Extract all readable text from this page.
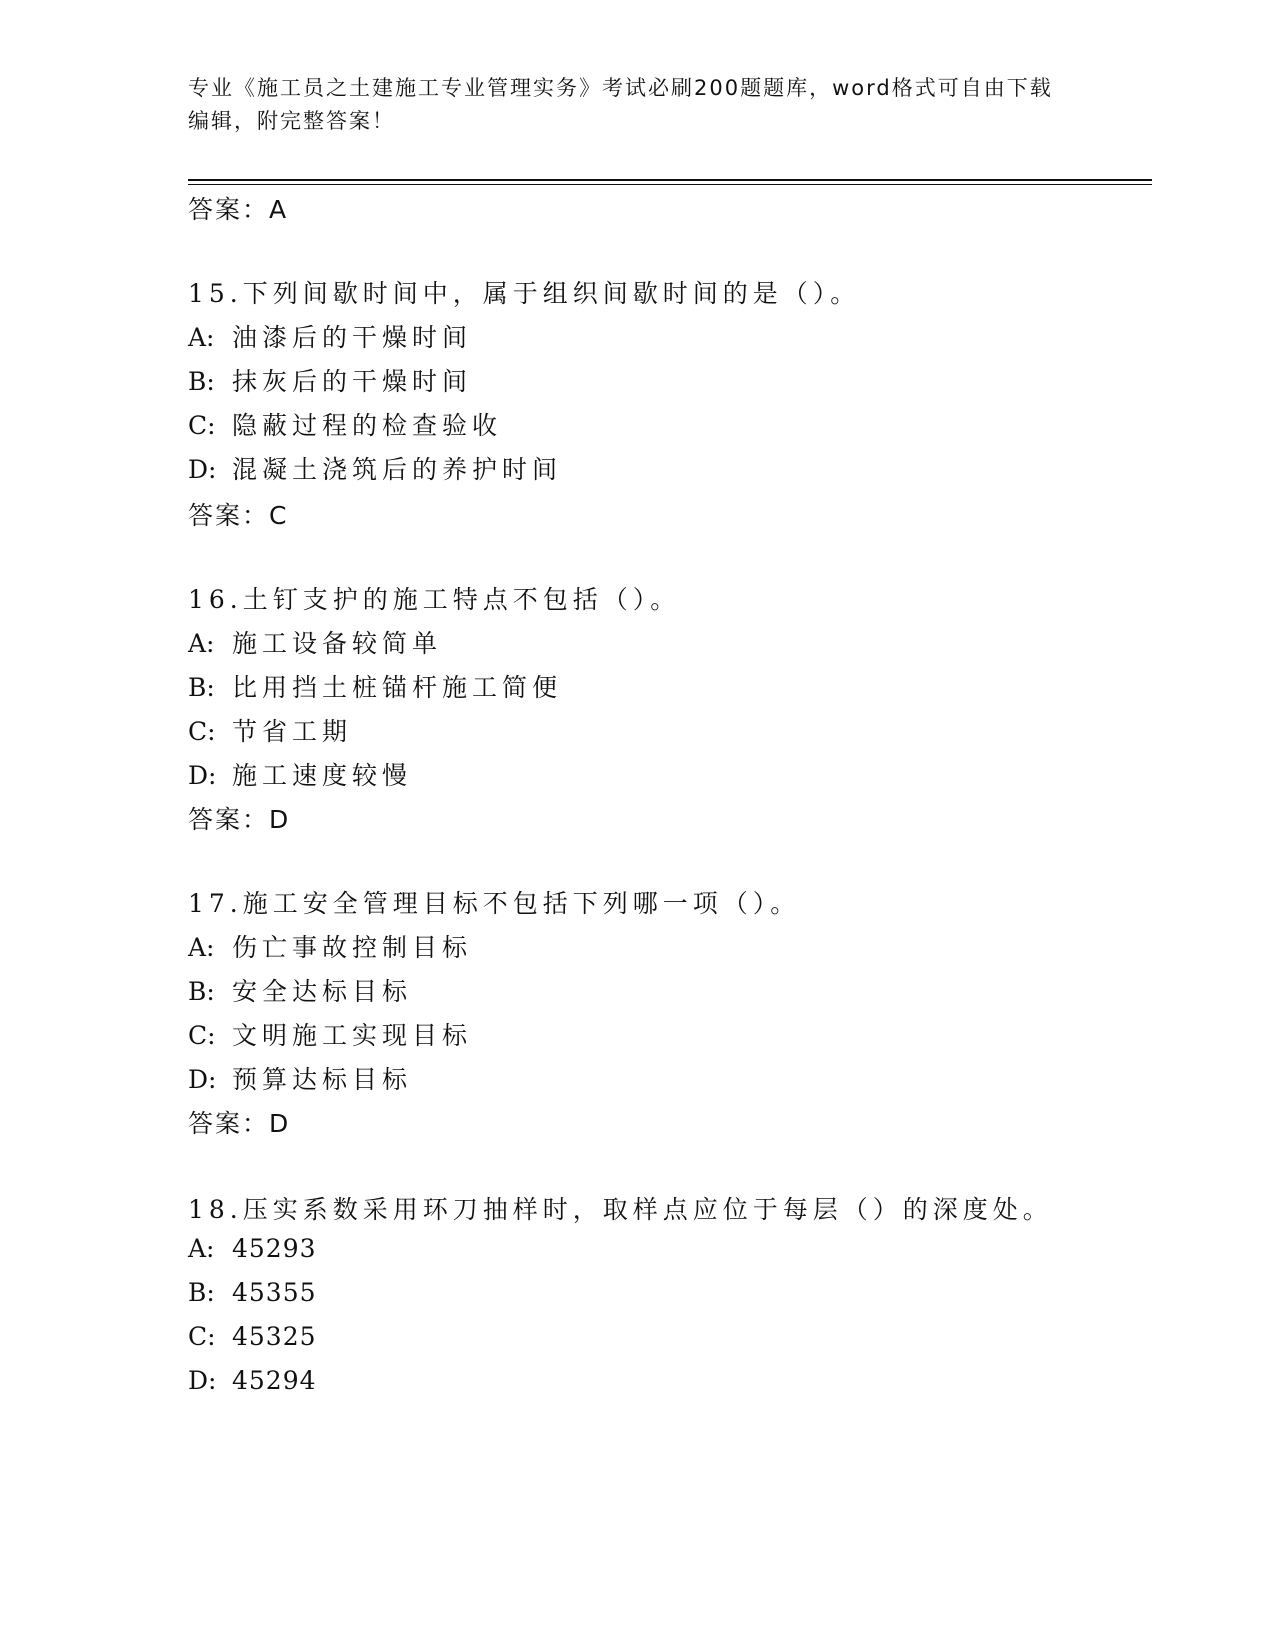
专业《施工员之土建施工专业管理实务》考试必刷200题题库，word格式可自由下载编辑，附完整答案！
答案：A
15.下列间歇时间中，属于组织间歇时间的是（）。
A: 油漆后的干燥时间
B: 抹灰后的干燥时间
C: 隐蔽过程的检查验收
D: 混凝土浇筑后的养护时间
答案：C
16.土钉支护的施工特点不包括（）。
A: 施工设备较简单
B: 比用挡土桩锚杆施工简便
C: 节省工期
D: 施工速度较慢
答案：D
17.施工安全管理目标不包括下列哪一项（）。
A: 伤亡事故控制目标
B: 安全达标目标
C: 文明施工实现目标
D: 预算达标目标
答案：D
18.压实系数采用环刀抽样时，取样点应位于每层（）的深度处。
A: 45293
B: 45355
C: 45325
D: 45294
